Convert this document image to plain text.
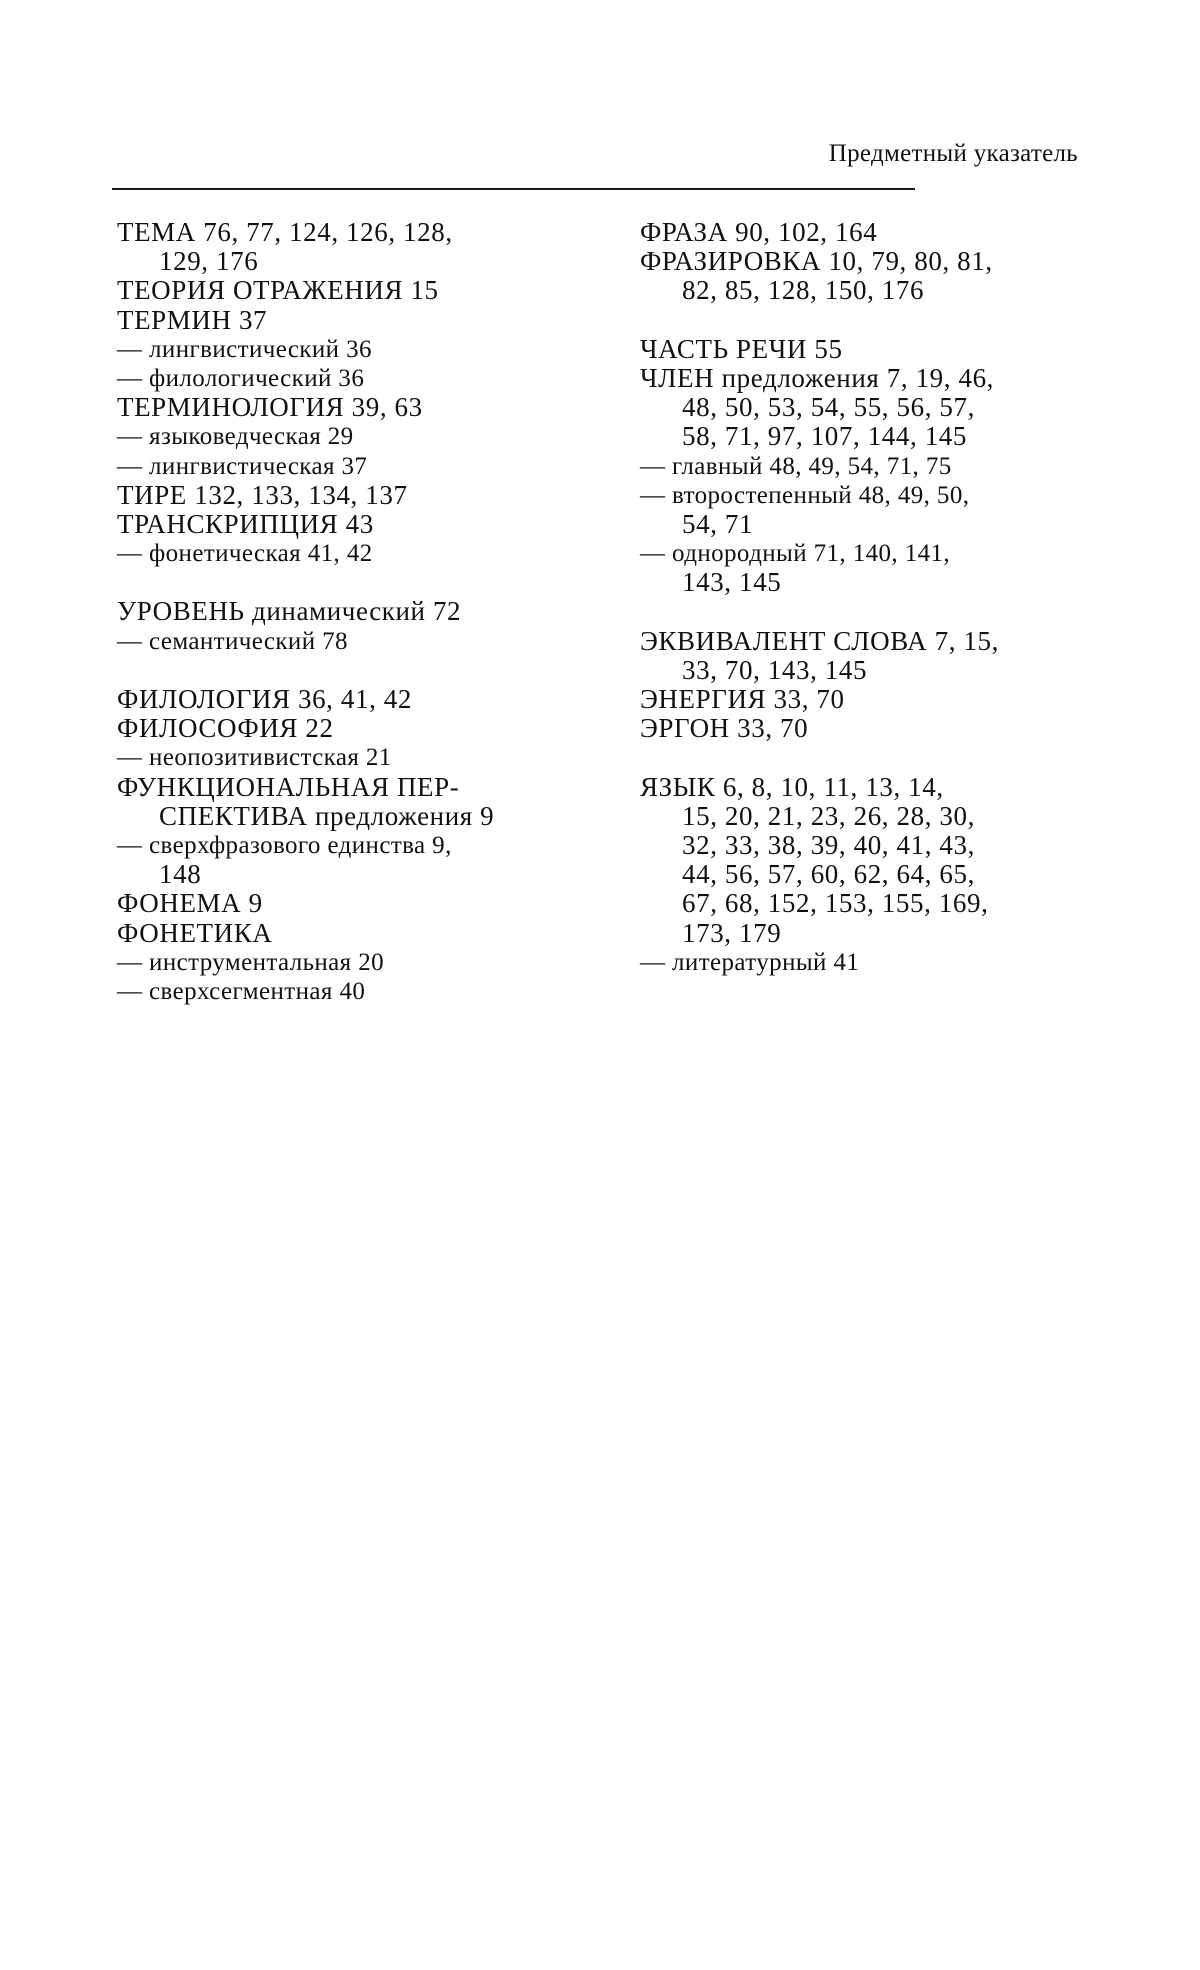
Предметный указатель
ТЕМА 76, 77, 124, 126, 128,
129, 176
ТЕОРИЯ ОТРАЖЕНИЯ 15
ТЕРМИН 37
— лингвистический 36
— филологический 36
ТЕРМИНОЛОГИЯ 39, 63
— языковедческая 29
— лингвистическая 37
ТИРЕ 132, 133, 134, 137
ТРАНСКРИПЦИЯ 43
— фонетическая 41, 42
УРОВЕНЬ динамический 72
— семантический 78
ФИЛОЛОГИЯ 36, 41, 42
ФИЛОСОФИЯ 22
— неопозитивистская 21
ФУНКЦИОНАЛЬНАЯ ПЕР-
СПЕКТИВА предложения 9
— сверхфразового единства 9,
148
ФОНЕМА 9
ФОНЕТИКА
— инструментальная 20
— сверхсегментная 40
ФРАЗА 90, 102, 164
ФРАЗИРОВКА 10, 79, 80, 81,
82, 85, 128, 150, 176
ЧАСТЬ РЕЧИ 55
ЧЛЕН предложения 7, 19, 46,
48, 50, 53, 54, 55, 56, 57,
58, 71, 97, 107, 144, 145
— главный 48, 49, 54, 71, 75
— второстепенный 48, 49, 50,
54, 71
— однородный 71, 140, 141,
143, 145
ЭКВИВАЛЕНТ СЛОВА 7, 15,
33, 70, 143, 145
ЭНЕРГИЯ 33, 70
ЭРГОН 33, 70
ЯЗЫК 6, 8, 10, 11, 13, 14,
15, 20, 21, 23, 26, 28, 30,
32, 33, 38, 39, 40, 41, 43,
44, 56, 57, 60, 62, 64, 65,
67, 68, 152, 153, 155, 169,
173, 179
— литературный 41
